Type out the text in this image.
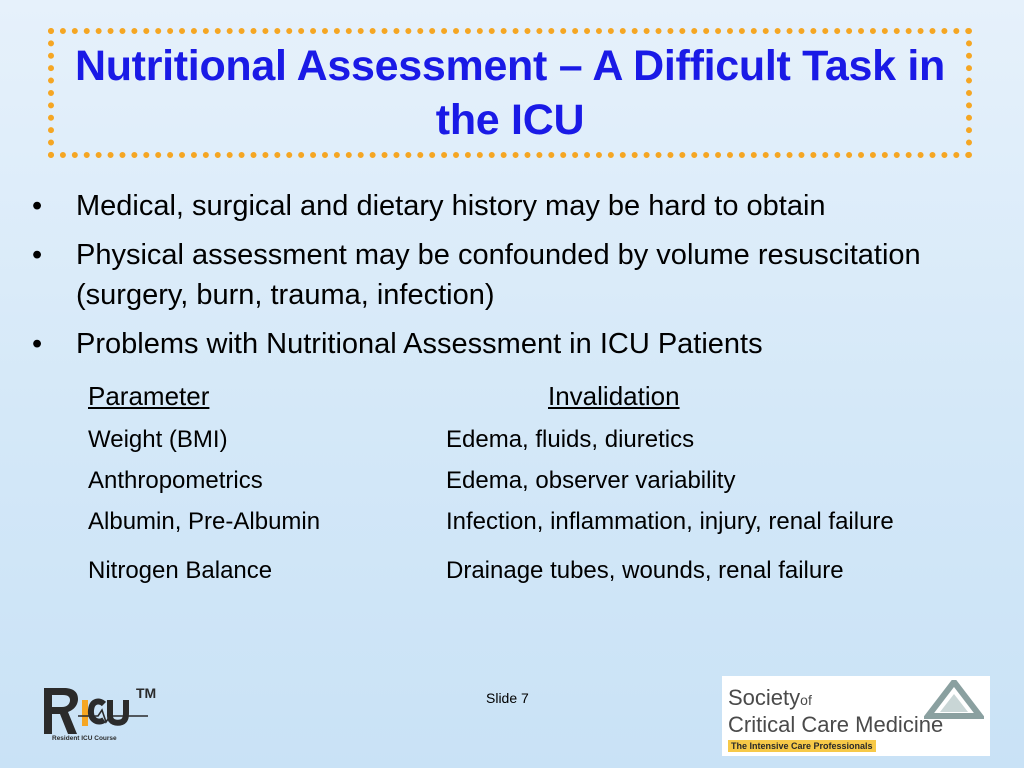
Nutritional Assessment – A Difficult Task in the ICU
• Medical, surgical and dietary history may be hard to obtain
• Physical assessment may be confounded by volume resuscitation (surgery, burn, trauma, infection)
• Problems with Nutritional Assessment in ICU Patients
Parameter	Invalidation
Weight (BMI)	Edema, fluids, diuretics
Anthropometrics	Edema, observer variability
Albumin, Pre-Albumin	Infection, inflammation, injury, renal failure
Nitrogen Balance	Drainage tubes, wounds, renal failure
TM
Resident ICU Course
Slide 7	Societyof
Critical Care Medicine
The Intensive Care Professionals
